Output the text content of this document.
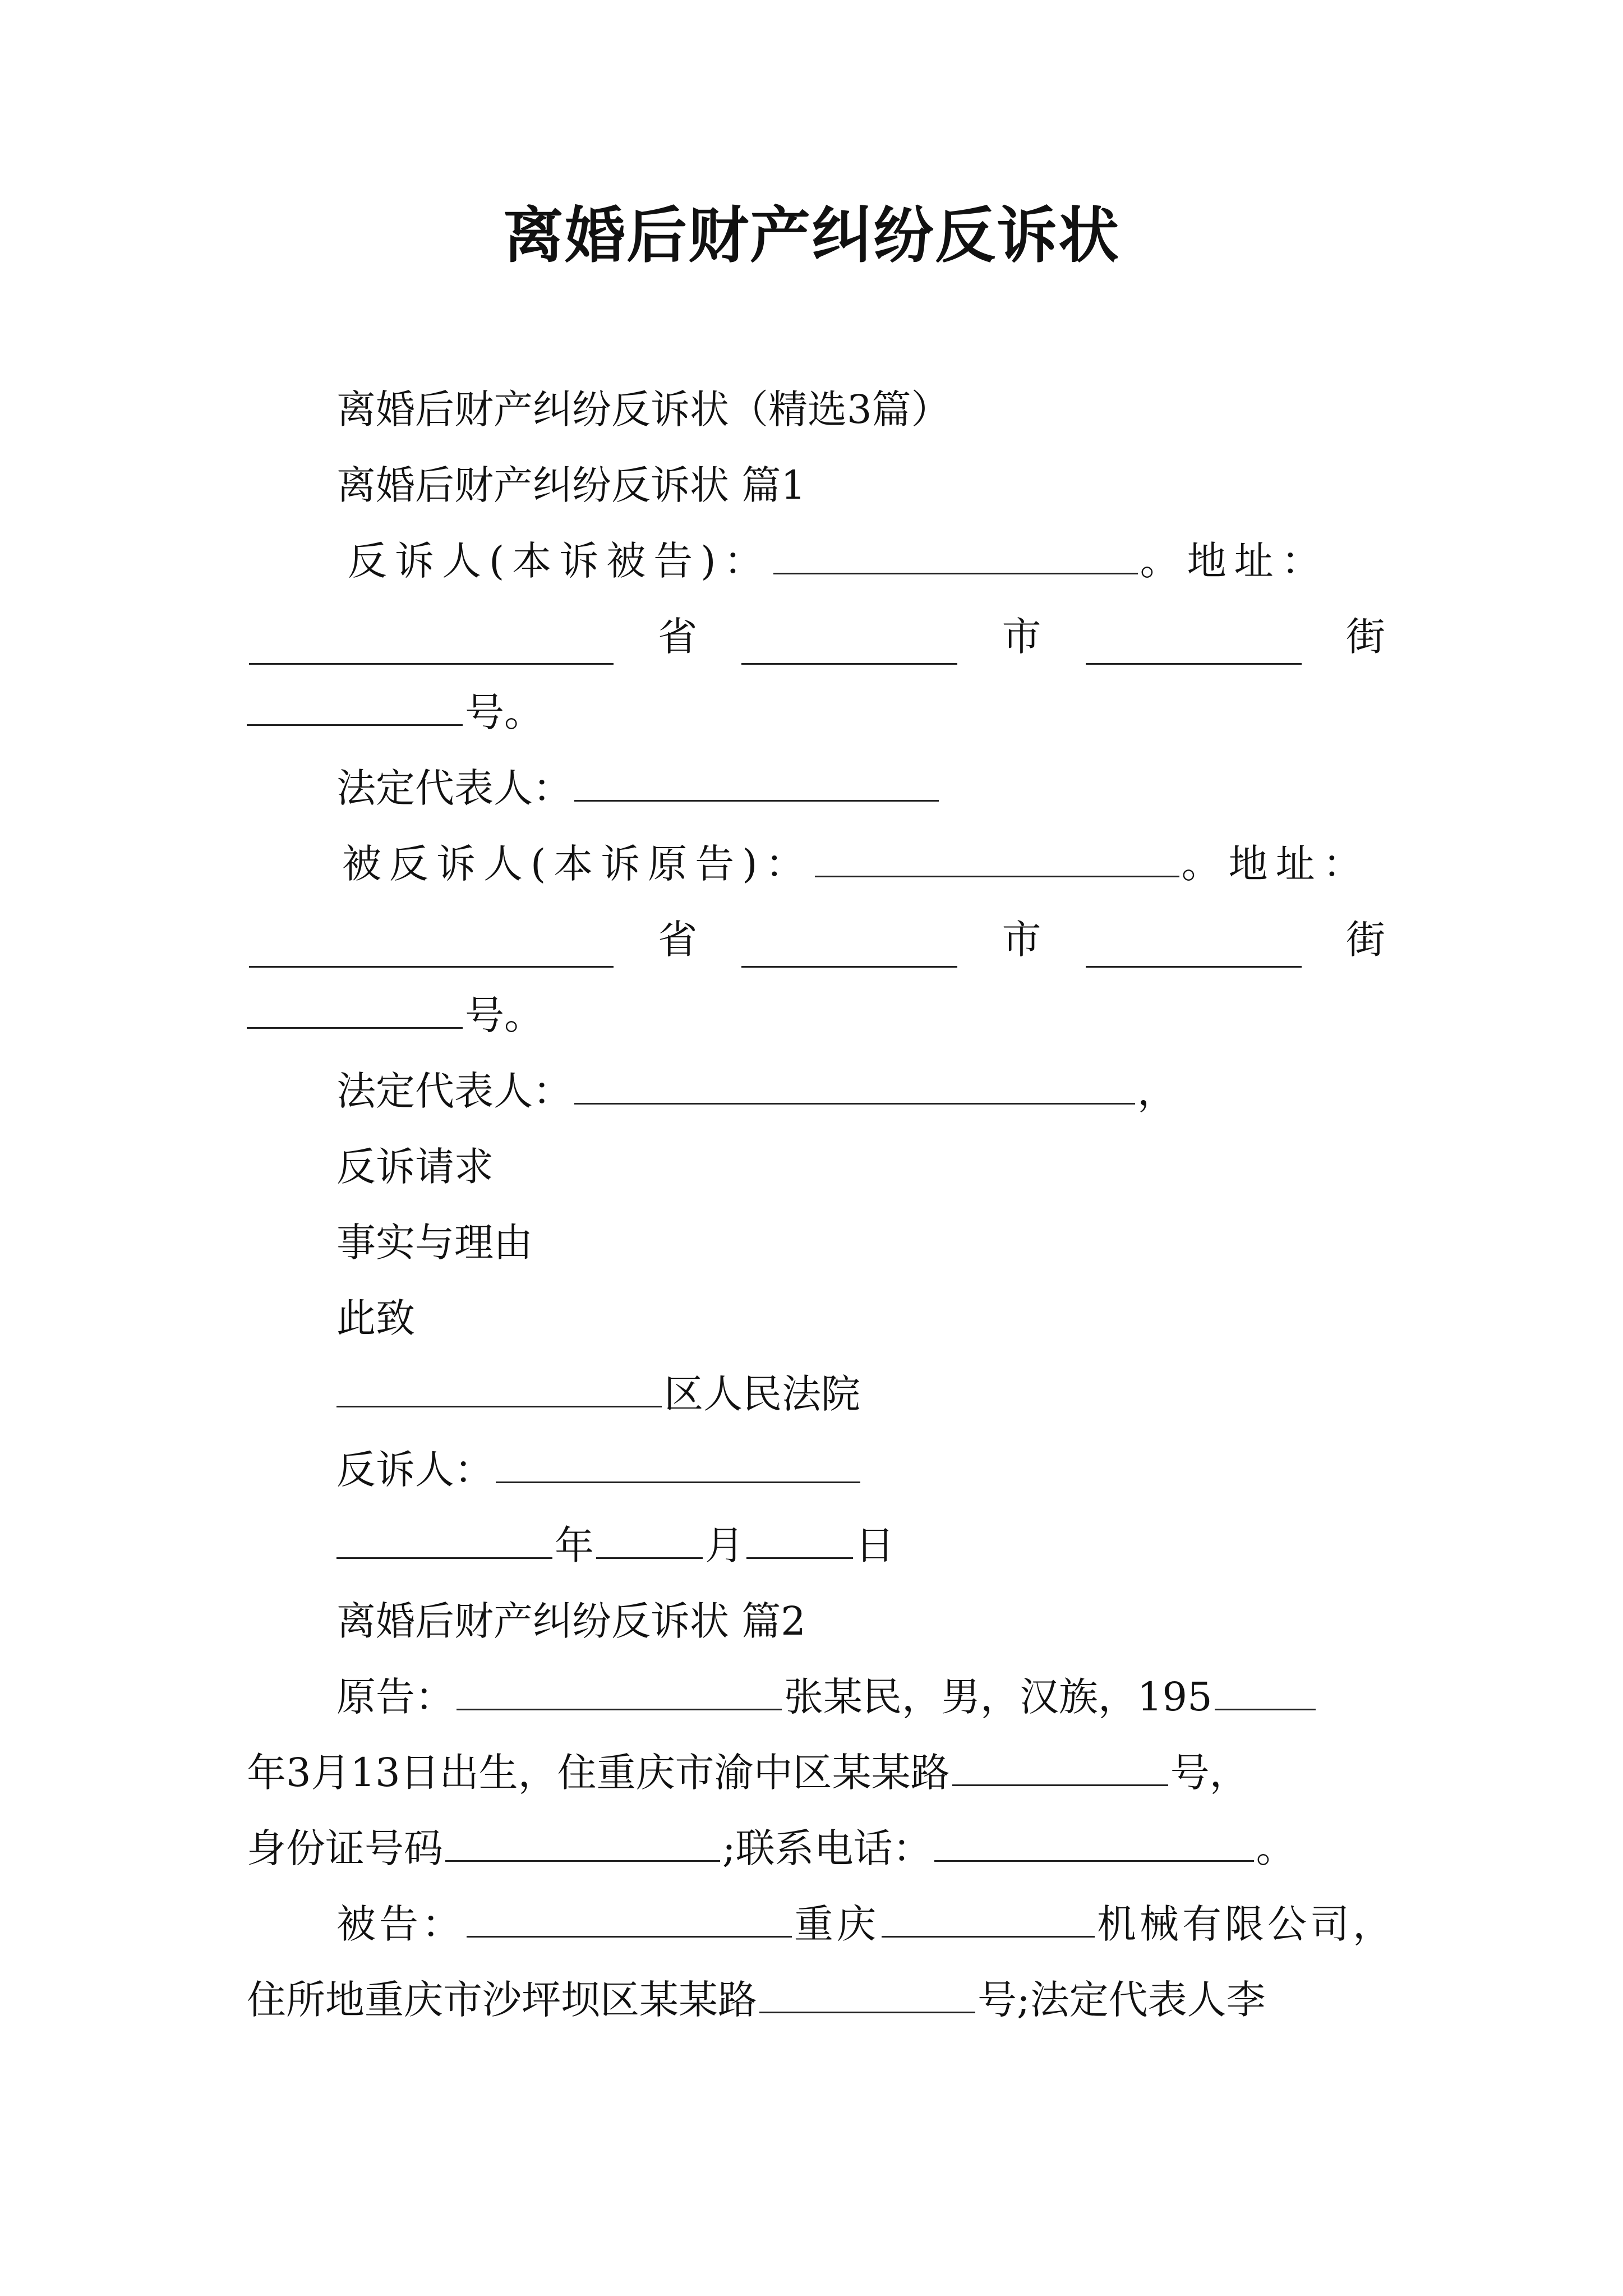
离婚后财产纠纷反诉状
离婚后财产纠纷反诉状（精选3篇）
离婚后财产纠纷反诉状 篇1
反诉人(本诉被告)：	。地址：
省	市	街
号。
法定代表人：
被反诉人(本诉原告)：	。地址：
省	市	街
号。
法定代表人：	，
反诉请求
事实与理由
此致
区人民法院
反诉人：
年	月	日
离婚后财产纠纷反诉状 篇2
原告：	张某民，男，汉族，195
年3月13日出生，住重庆市渝中区某某路	号，
身份证号码	;联系电话：	。
被告：	重庆	机械有限公司，
住所地重庆市沙坪坝区某某路	号;法定代表人李
